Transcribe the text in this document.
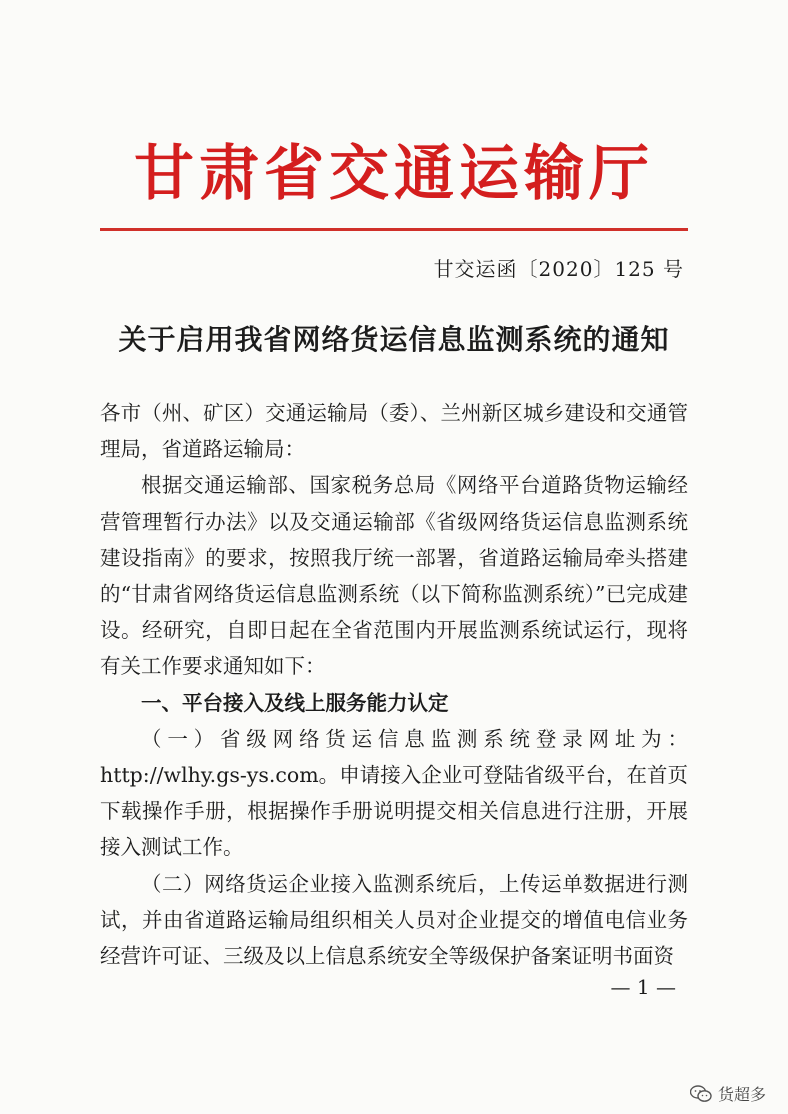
甘肃省交通运输厅
甘交运函〔2020〕125 号
关于启用我省网络货运信息监测系统的通知

各市（州、矿区）交通运输局（委）、兰州新区城乡建设和交通管理局，省道路运输局：

根据交通运输部、国家税务总局《网络平台道路货物运输经营管理暂行办法》以及交通运输部《省级网络货运信息监测系统建设指南》的要求，按照我厅统一部署，省道路运输局牵头搭建的“甘肃省网络货运信息监测系统（以下简称监测系统）”已完成建设。经研究，自即日起在全省范围内开展监测系统试运行，现将有关工作要求通知如下：

一、平台接入及线上服务能力认定

（一）省级网络货运信息监测系统登录网址为：http://wlhy.gs-ys.com。申请接入企业可登陆省级平台，在首页下载操作手册，根据操作手册说明提交相关信息进行注册，开展接入测试工作。

（二）网络货运企业接入监测系统后，上传运单数据进行测试，并由省道路运输局组织相关人员对企业提交的增值电信业务经营许可证、三级及以上信息系统安全等级保护备案证明书面资

— 1 —
货超多
